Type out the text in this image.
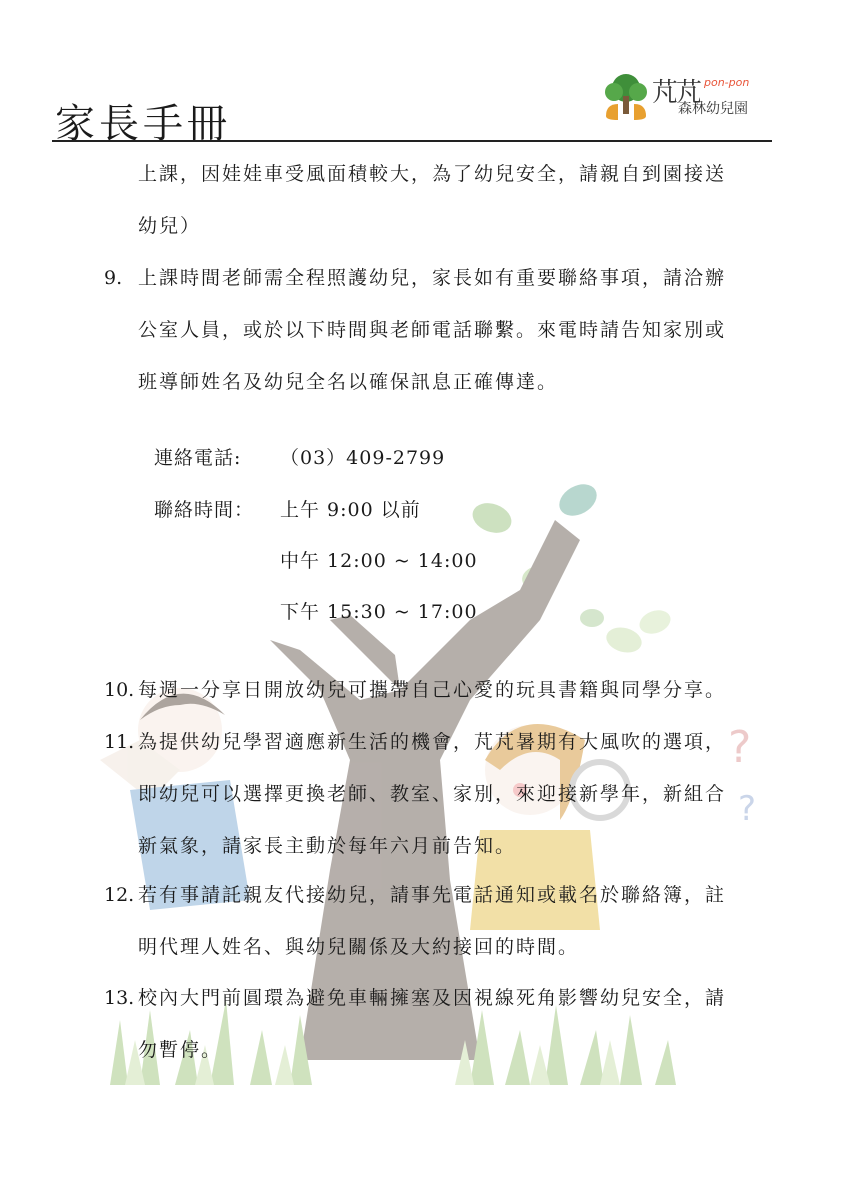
?
?
家長手冊
芃芃 pon-pon
森林幼兒園

上課，因娃娃車受風面積較大，為了幼兒安全，請親自到園接送

幼兒）

9. 上課時間老師需全程照護幼兒，家長如有重要聯絡事項，請洽辦

公室人員，或於以下時間與老師電話聯繫。來電時請告知家別或

班導師姓名及幼兒全名以確保訊息正確傳達。

連絡電話: （03）409-2799
聯絡時間： 上午 9:00 以前
中午 12:00 ~ 14:00
下午 15:30 ~ 17:00

10. 每週一分享日開放幼兒可攜帶自己心愛的玩具書籍與同學分享。

11. 為提供幼兒學習適應新生活的機會，芃芃暑期有大風吹的選項，

即幼兒可以選擇更換老師、教室、家別，來迎接新學年，新組合

新氣象，請家長主動於每年六月前告知。

12. 若有事請託親友代接幼兒，請事先電話通知或載名於聯絡簿，註

明代理人姓名、與幼兒關係及大約接回的時間。

13. 校內大門前圓環為避免車輛擁塞及因視線死角影響幼兒安全，請

勿暫停。
